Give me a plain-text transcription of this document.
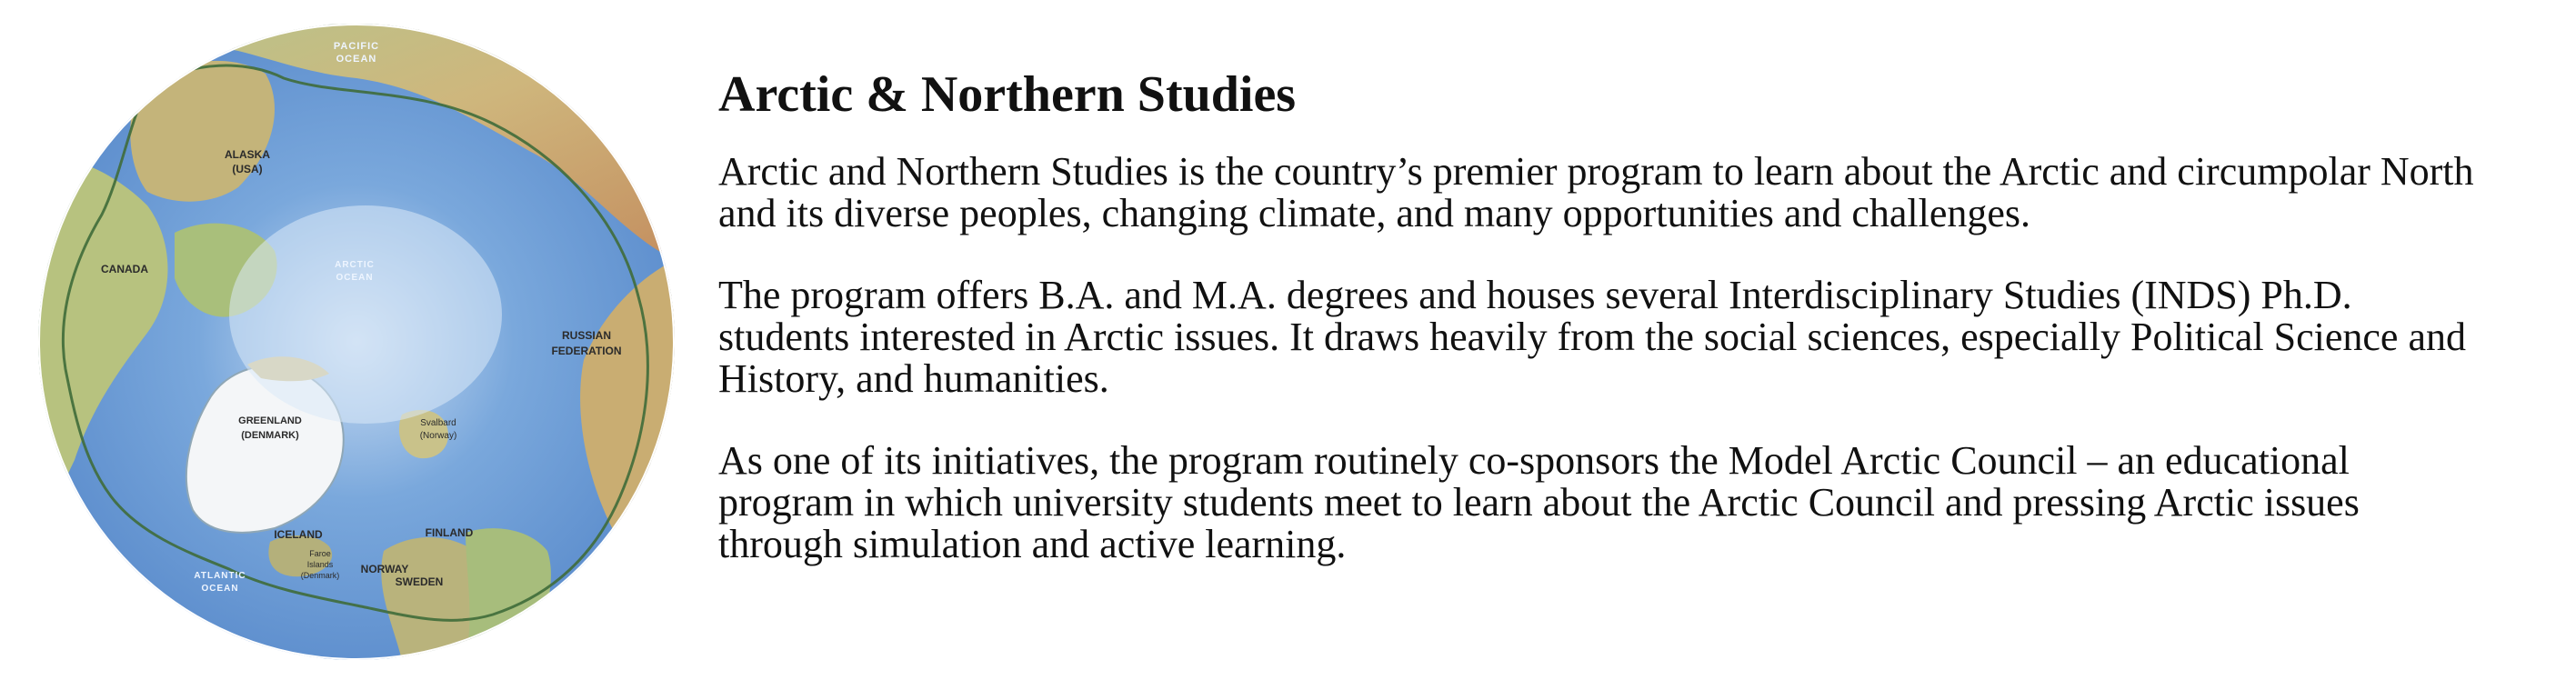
PACIFIC
OCEAN
ALASKA
(USA)
CANADA	ARCTIC
OCEAN
RUSSIAN
FEDERATION
GREENLAND
(DENMARK)
Svalbard
(Norway)
ICELAND	FINLAND
NORWAY
SWEDEN
Faroe
Islands
(Denmark)
ATLANTIC
OCEAN
Arctic & Northern Studies

Arctic and Northern Studies is the country’s premier program to learn about the Arctic and circumpolar North and its diverse peoples, changing climate, and many opportunities and challenges.

The program offers B.A. and M.A. degrees and houses several Interdisciplinary Studies (INDS) Ph.D. students interested in Arctic issues. It draws heavily from the social sciences, especially Political Science and History, and humanities.

As one of its initiatives, the program routinely co-sponsors the Model Arctic Council – an educational program in which university students meet to learn about the Arctic Council and pressing Arctic issues through simulation and active learning.
